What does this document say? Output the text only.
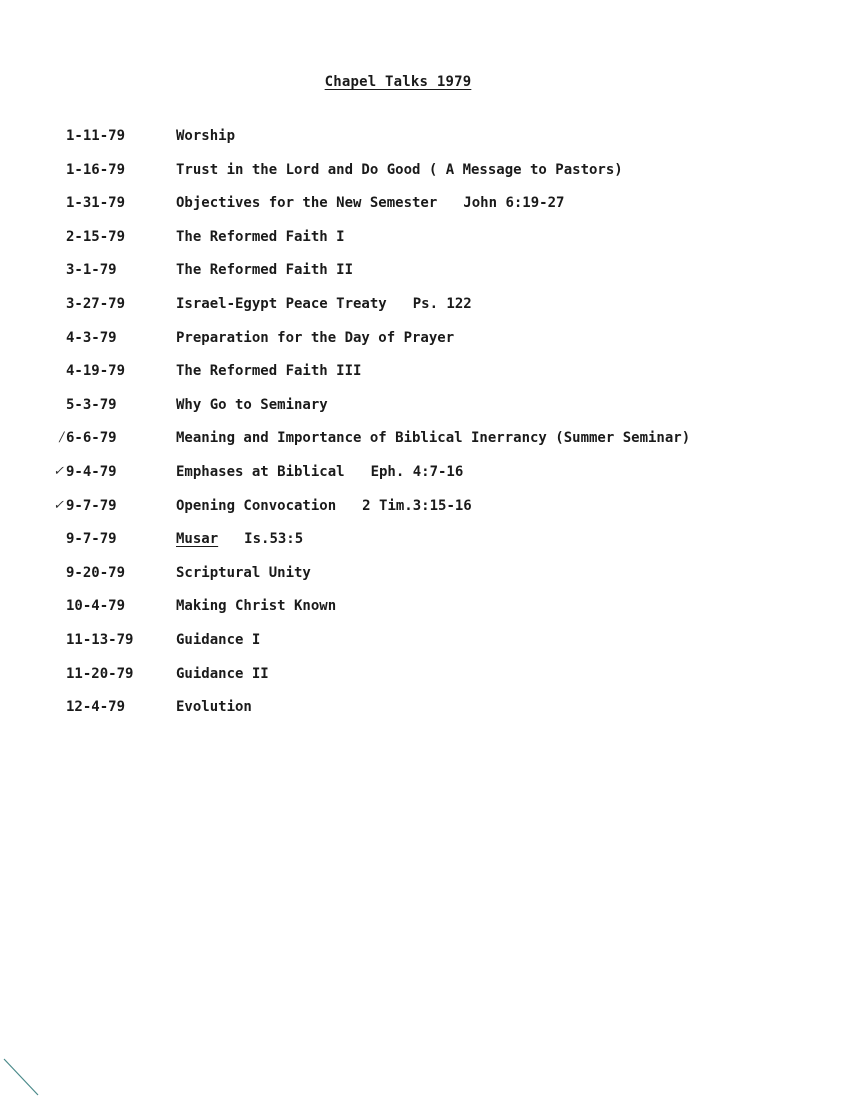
Chapel Talks 1979
1-11-79	Worship
1-16-79	Trust in the Lord and Do Good ( A Message to Pastors)
1-31-79	Objectives for the New Semester John 6:19-27
2-15-79	The Reformed Faith I
3-1-79	The Reformed Faith II
3-27-79	Israel-Egypt Peace Treaty Ps. 122
4-3-79	Preparation for the Day of Prayer
4-19-79	The Reformed Faith III
5-3-79	Why Go to Seminary
/ 6-6-79	Meaning and Importance of Biblical Inerrancy (Summer Seminar)
✓ 9-4-79	Emphases at Biblical Eph. 4:7-16
✓ 9-7-79	Opening Convocation 2 Tim.3:15-16
9-7-79	Musar Is.53:5
9-20-79	Scriptural Unity
10-4-79	Making Christ Known
11-13-79	Guidance I
11-20-79	Guidance II
12-4-79	Evolution
